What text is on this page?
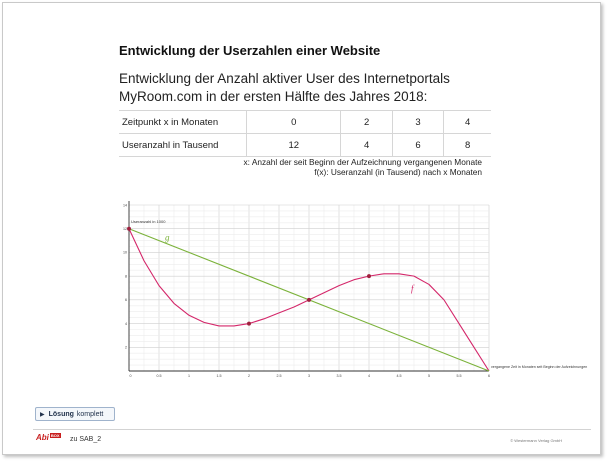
Entwicklung der Userzahlen einer Website
Entwicklung der Anzahl aktiver User des Internetportals MyRoom.com in der ersten Hälfte des Jahres 2018:
Zeitpunkt x in Monaten	0	2	3	4
Useranzahl in Tausend	12	4	6	8
x: Anzahl der seit Beginn der Aufzeichnung vergangenen Monate
f(x): Useranzahl (in Tausend) nach x Monaten
0	0.5	1	1.5	2	2.5	3	3.5	4	4.5	5	5.5	6
2
4
6
8
10
12
14
Useranzahl in 1000
vergangene Zeit in Monaten seit Beginn der Aufzeichnungen
f
g
▶ Lösung komplett
Abi BOX
zu SAB_2	© Westermann Verlag GmbH
